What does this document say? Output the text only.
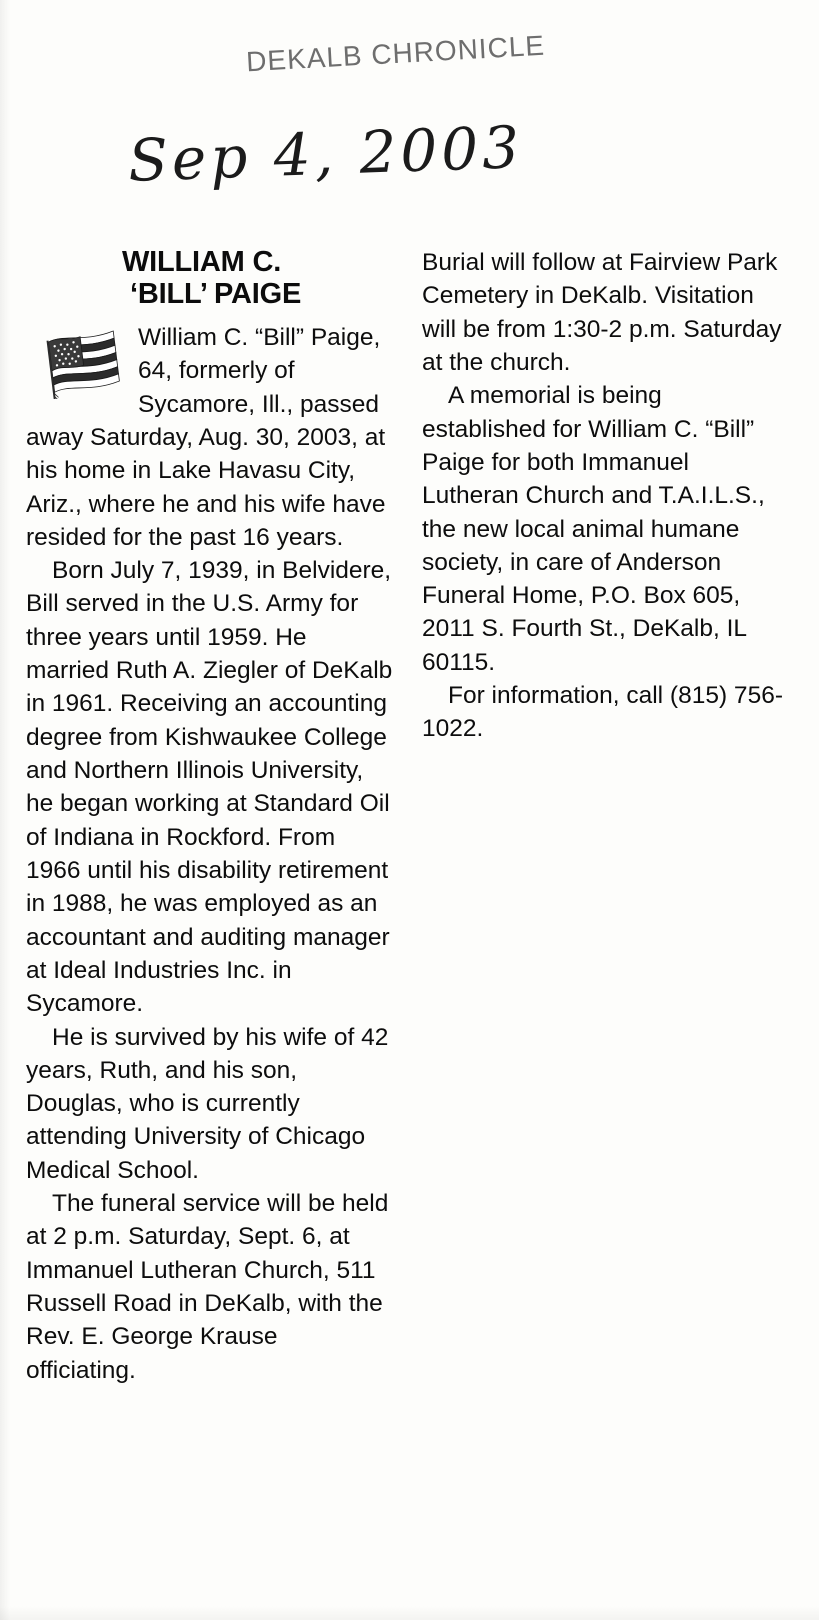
DEKALB CHRONICLE
Sep 4, 2003
WILLIAM C.
‘BILL’ PAIGE

William C. “Bill” Paige, 64, formerly of Sycamore, Ill., passed away Saturday, Aug. 30, 2003, at his home in Lake Havasu City, Ariz., where he and his wife have resided for the past 16 years.

Born July 7, 1939, in Belvidere, Bill served in the U.S. Army for three years until 1959. He married Ruth A. Ziegler of DeKalb in 1961. Receiving an accounting degree from Kishwaukee College and Northern Illinois University, he began working at Standard Oil of Indiana in Rockford. From 1966 until his disability retirement in 1988, he was employed as an accountant and auditing manager at Ideal Industries Inc. in Sycamore.

He is survived by his wife of 42 years, Ruth, and his son, Douglas, who is currently attending University of Chicago Medical School.

The funeral service will be held at 2 p.m. Saturday, Sept. 6, at Immanuel Lutheran Church, 511 Russell Road in DeKalb, with the Rev. E. George Krause officiating.

Burial will follow at Fairview Park Cemetery in DeKalb. Visitation will be from 1:30-2 p.m. Saturday at the church.

A memorial is being established for William C. “Bill” Paige for both Immanuel Lutheran Church and T.A.I.L.S., the new local animal humane society, in care of Anderson Funeral Home, P.O. Box 605, 2011 S. Fourth St., DeKalb, IL 60115.

For information, call (815) 756-1022.
